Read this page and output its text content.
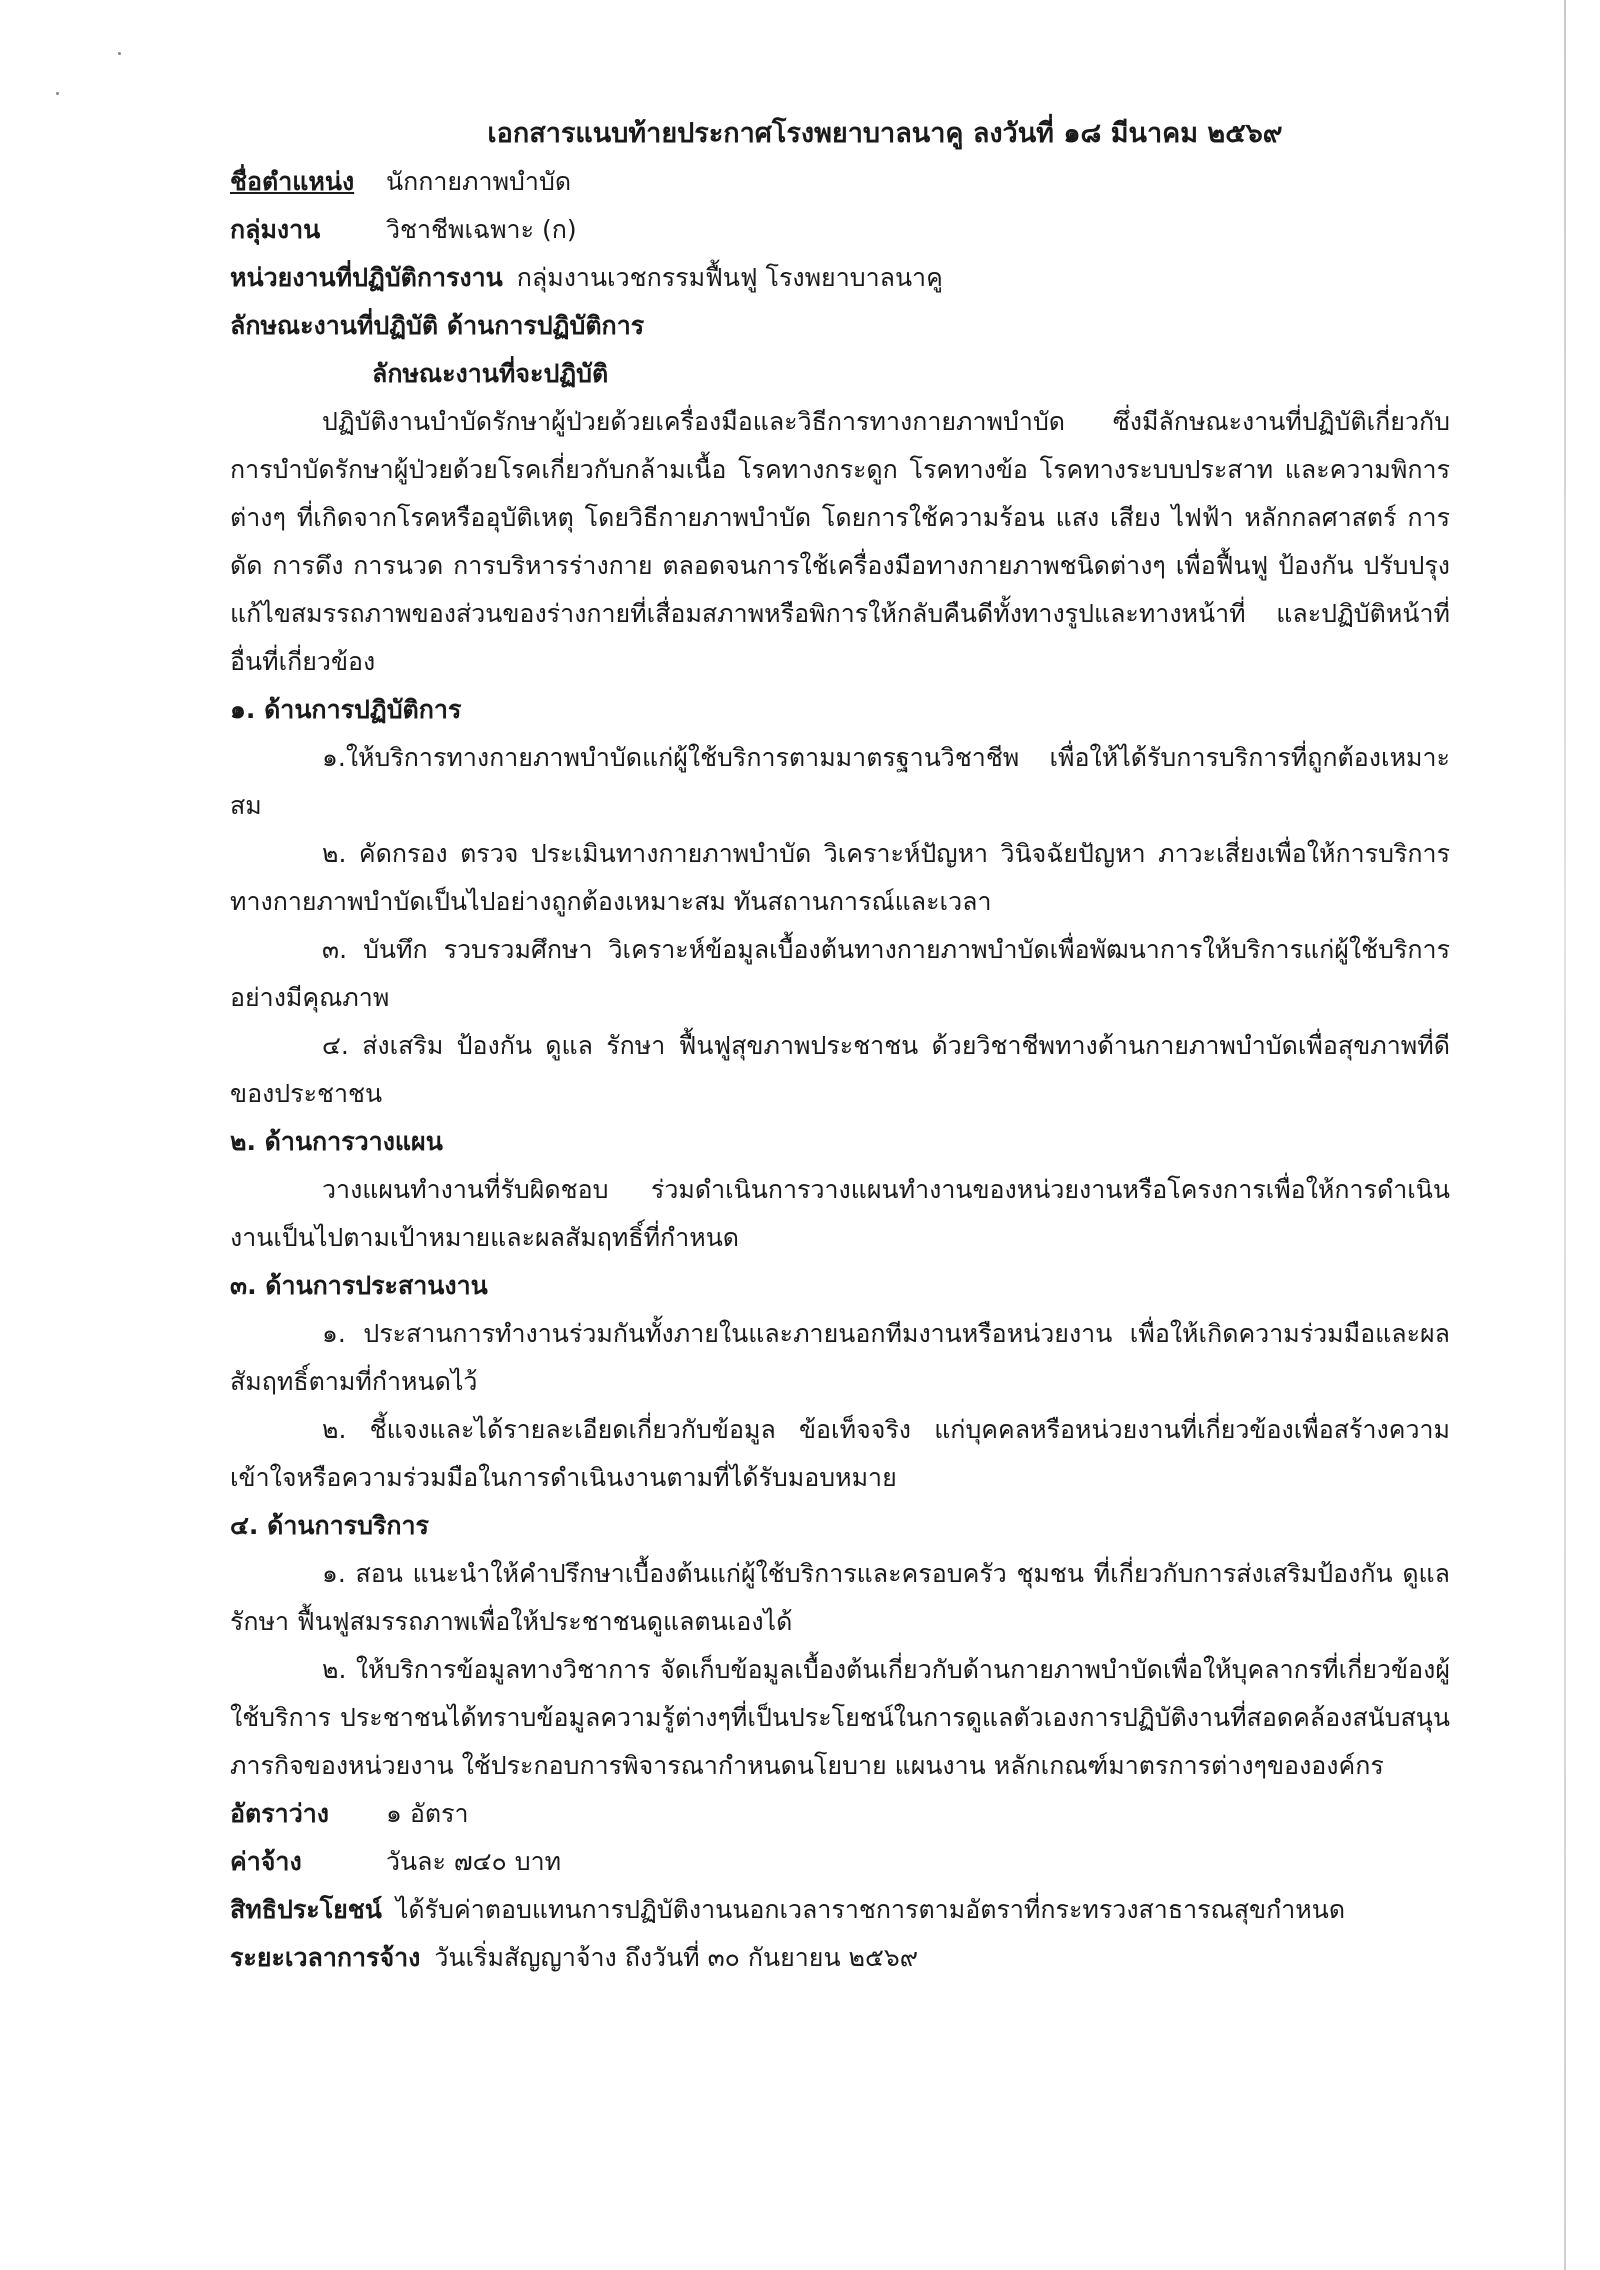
เอกสารแนบท้ายประกาศโรงพยาบาลนาคู ลงวันที่ ๑๘ มีนาคม ๒๕๖๙
ชื่อตำแหน่ง นักกายภาพบำบัด
กลุ่มงาน	วิชาชีพเฉพาะ (ก)
หน่วยงานที่ปฏิบัติการงาน กลุ่มงานเวชกรรมฟื้นฟู โรงพยาบาลนาคู
ลักษณะงานที่ปฏิบัติ ด้านการปฏิบัติการ
ลักษณะงานที่จะปฏิบัติ
ปฏิบัติงานบำบัดรักษาผู้ป่วยด้วยเครื่องมือและวิธีการทางกายภาพบำบัด ซึ่งมีลักษณะงานที่ปฏิบัติเกี่ยวกับการบำบัดรักษาผู้ป่วยด้วยโรคเกี่ยวกับกล้ามเนื้อ โรคทางกระดูก โรคทางข้อ โรคทางระบบประสาท และความพิการต่างๆ ที่เกิดจากโรคหรืออุบัติเหตุ โดยวิธีกายภาพบำบัด โดยการใช้ความร้อน แสง เสียง ไฟฟ้า หลักกลศาสตร์ การดัด การดึง การนวด การบริหารร่างกาย ตลอดจนการใช้เครื่องมือทางกายภาพชนิดต่างๆ เพื่อฟื้นฟู ป้องกัน ปรับปรุง แก้ไขสมรรถภาพของส่วนของร่างกายที่เสื่อมสภาพหรือพิการให้กลับคืนดีทั้งทางรูปและทางหน้าที่ และปฏิบัติหน้าที่อื่นที่เกี่ยวข้อง
๑. ด้านการปฏิบัติการ
๑.ให้บริการทางกายภาพบำบัดแก่ผู้ใช้บริการตามมาตรฐานวิชาชีพ เพื่อให้ได้รับการบริการที่ถูกต้องเหมาะสม
๒. คัดกรอง ตรวจ ประเมินทางกายภาพบำบัด วิเคราะห์ปัญหา วินิจฉัยปัญหา ภาวะเสี่ยงเพื่อให้การบริการทางกายภาพบำบัดเป็นไปอย่างถูกต้องเหมาะสม ทันสถานการณ์และเวลา
๓. บันทึก รวบรวมศึกษา วิเคราะห์ข้อมูลเบื้องต้นทางกายภาพบำบัดเพื่อพัฒนาการให้บริการแก่ผู้ใช้บริการอย่างมีคุณภาพ
๔. ส่งเสริม ป้องกัน ดูแล รักษา ฟื้นฟูสุขภาพประชาชน ด้วยวิชาชีพทางด้านกายภาพบำบัดเพื่อสุขภาพที่ดีของประชาชน
๒. ด้านการวางแผน
วางแผนทำงานที่รับผิดชอบ ร่วมดำเนินการวางแผนทำงานของหน่วยงานหรือโครงการเพื่อให้การดำเนินงานเป็นไปตามเป้าหมายและผลสัมฤทธิ์ที่กำหนด
๓. ด้านการประสานงาน
๑. ประสานการทำงานร่วมกันทั้งภายในและภายนอกทีมงานหรือหน่วยงาน เพื่อให้เกิดความร่วมมือและผลสัมฤทธิ์ตามที่กำหนดไว้
๒. ชี้แจงและได้รายละเอียดเกี่ยวกับข้อมูล ข้อเท็จจริง แก่บุคคลหรือหน่วยงานที่เกี่ยวข้องเพื่อสร้างความเข้าใจหรือความร่วมมือในการดำเนินงานตามที่ได้รับมอบหมาย
๔. ด้านการบริการ
๑. สอน แนะนำให้คำปรึกษาเบื้องต้นแก่ผู้ใช้บริการและครอบครัว ชุมชน ที่เกี่ยวกับการส่งเสริมป้องกัน ดูแล รักษา ฟื้นฟูสมรรถภาพเพื่อให้ประชาชนดูแลตนเองได้
๒. ให้บริการข้อมูลทางวิชาการ จัดเก็บข้อมูลเบื้องต้นเกี่ยวกับด้านกายภาพบำบัดเพื่อให้บุคลากรที่เกี่ยวข้องผู้ใช้บริการ ประชาชนได้ทราบข้อมูลความรู้ต่างๆที่เป็นประโยชน์ในการดูแลตัวเองการปฏิบัติงานที่สอดคล้องสนับสนุน ภารกิจของหน่วยงาน ใช้ประกอบการพิจารณากำหนดนโยบาย แผนงาน หลักเกณฑ์มาตรการต่างๆขององค์กร
อัตราว่าง ๑ อัตรา
ค่าจ้าง	วันละ ๗๔๐ บาท
สิทธิประโยชน์ ได้รับค่าตอบแทนการปฏิบัติงานนอกเวลาราชการตามอัตราที่กระทรวงสาธารณสุขกำหนด
ระยะเวลาการจ้าง วันเริ่มสัญญาจ้าง ถึงวันที่ ๓๐ กันยายน ๒๕๖๙
